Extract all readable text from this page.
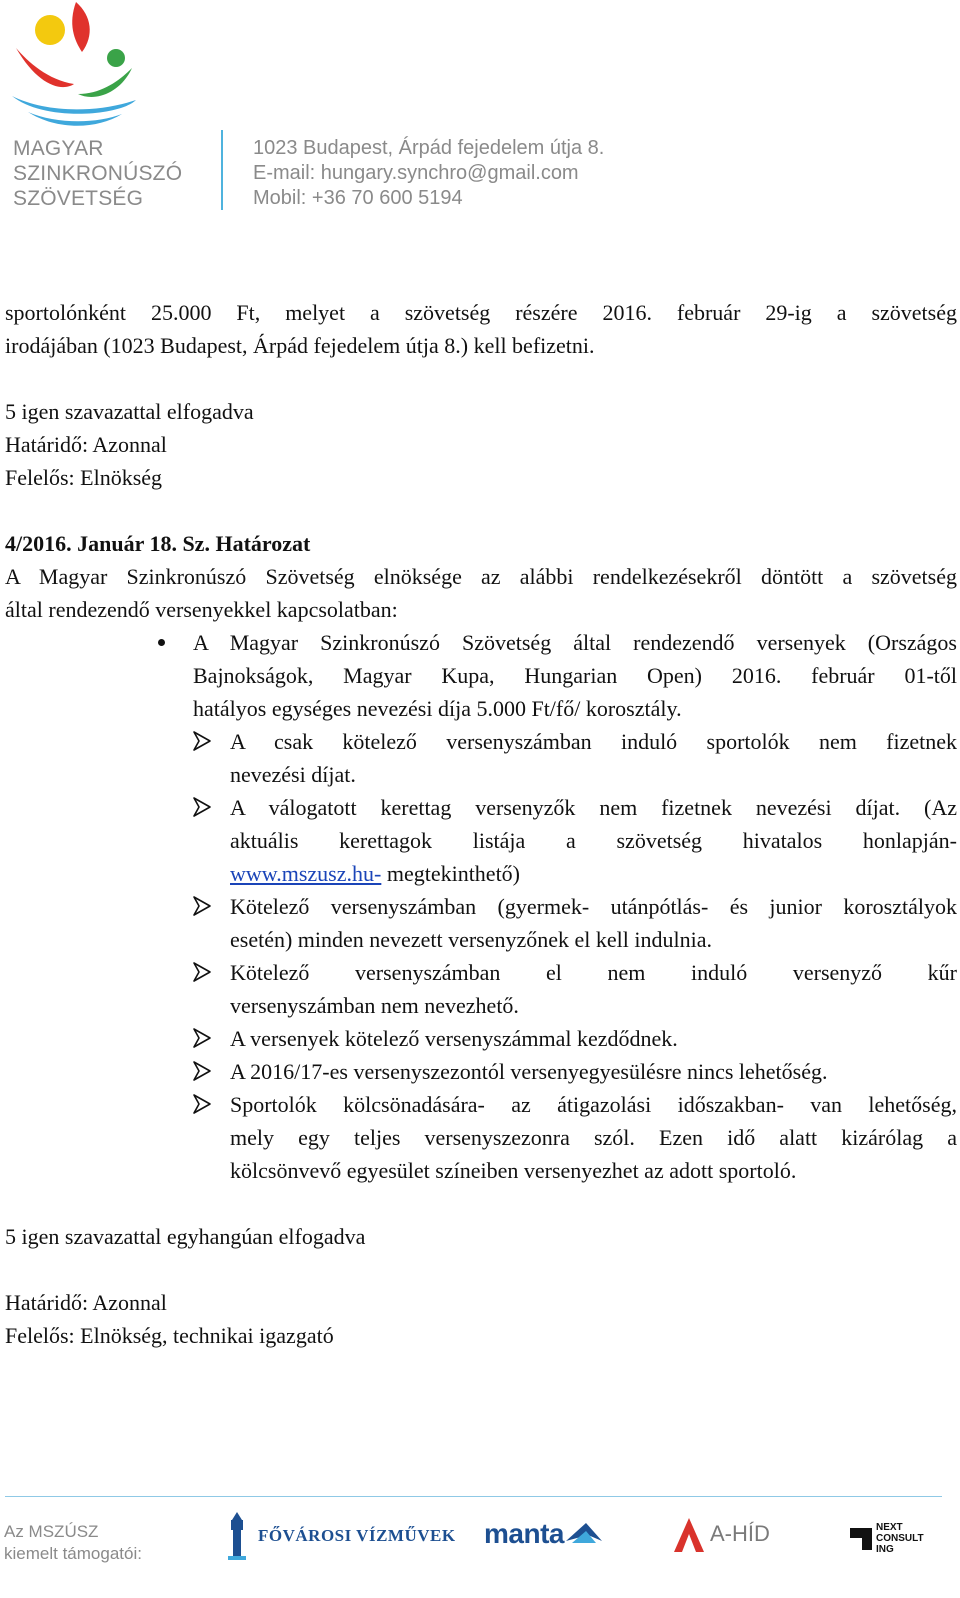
MAGYAR
SZINKRONÚSZÓ
SZÖVETSÉG
1023 Budapest, Árpád fejedelem útja 8.
E-mail: hungary.synchro@gmail.com
Mobil: +36 70 600 5194

sportolónként 25.000 Ft, melyet a szövetség részére 2016. február 29-ig a szövetség

irodájában (1023 Budapest, Árpád fejedelem útja 8.) kell befizetni.

5 igen szavazattal elfogadva

Határidő: Azonnal

Felelős: Elnökség

4/2016. Január 18. Sz. Határozat

A Magyar Szinkronúszó Szövetség elnöksége az alábbi rendelkezésekről döntött a szövetség

által rendezendő versenyekkel kapcsolatban:

A Magyar Szinkronúszó Szövetség által rendezendő versenyek (Országos

Bajnokságok, Magyar Kupa, Hungarian Open) 2016. február 01-től

hatályos egységes nevezési díja 5.000 Ft/fő/ korosztály.

A csak kötelező versenyszámban induló sportolók nem fizetnek

nevezési díjat.

A válogatott kerettag versenyzők nem fizetnek nevezési díjat. (Az

aktuális kerettagok listája a szövetség hivatalos honlapján-

www.mszusz.hu- megtekinthető)

Kötelező versenyszámban (gyermek- utánpótlás- és junior korosztályok

esetén) minden nevezett versenyzőnek el kell indulnia.

Kötelező versenyszámban el nem induló versenyző kűr

versenyszámban nem nevezhető.

A versenyek kötelező versenyszámmal kezdődnek.

A 2016/17-es versenyszezontól versenyegyesülésre nincs lehetőség.

Sportolók kölcsönadására- az átigazolási időszakban- van lehetőség,

mely egy teljes versenyszezonra szól. Ezen idő alatt kizárólag a

kölcsönvevő egyesület színeiben versenyezhet az adott sportoló.

5 igen szavazattal egyhangúan elfogadva

Határidő: Azonnal

Felelős: Elnökség, technikai igazgató

Az MSZÚSZ
kiemelt támogatói:
FŐVÁROSI VÍZMŰVEK manta	A-HÍD	NEXT
CONSULT
ING
